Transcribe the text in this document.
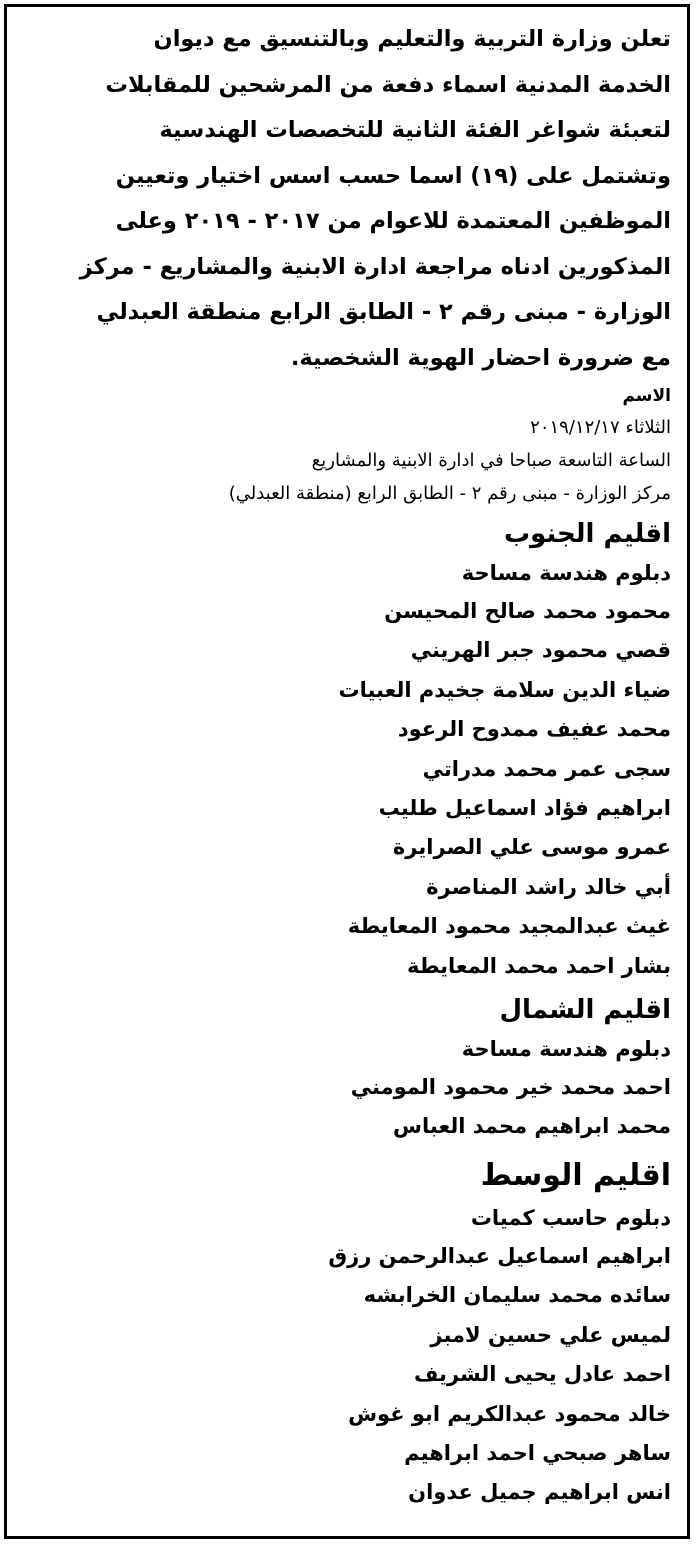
تعلن وزارة التربية والتعليم وبالتنسيق مع ديوان

الخدمة المدنية اسماء دفعة من المرشحين للمقابلات

لتعبئة شواغر الفئة الثانية للتخصصات الهندسية

وتشتمل على (١٩) اسما حسب اسس اختيار وتعيين

الموظفين المعتمدة للاعوام من ٢٠١٧ - ٢٠١٩ وعلى

المذكورين ادناه مراجعة ادارة الابنية والمشاريع - مركز

الوزارة - مبنى رقم ٢ - الطابق الرابع منطقة العبدلي

مع ضرورة احضار الهوية الشخصية.

الاسم
الثلاثاء ٢٠١٩/١٢/١٧
الساعة التاسعة صباحا في ادارة الابنية والمشاريع
مركز الوزارة - مبنى رقم ٢ - الطابق الرابع (منطقة العبدلي)
اقليم الجنوب
دبلوم هندسة مساحة
محمود محمد صالح المحيسن
قصي محمود جبر الهريني
ضياء الدين سلامة جخيدم العبيات
محمد عفيف ممدوح الرعود
سجى عمر محمد مدراتي
ابراهيم فؤاد اسماعيل طليب
عمرو موسى علي الصرايرة
أبي خالد راشد المناصرة
غيث عبدالمجيد محمود المعايطة
بشار احمد محمد المعايطة
اقليم الشمال
دبلوم هندسة مساحة
احمد محمد خير محمود المومني
محمد ابراهيم محمد العباس
اقليم الوسط
دبلوم حاسب كميات
ابراهيم اسماعيل عبدالرحمن رزق
سائده محمد سليمان الخرابشه
لميس علي حسين لامبز
احمد عادل يحيى الشريف
خالد محمود عبدالكريم ابو غوش
ساهر صبحي احمد ابراهيم
انس ابراهيم جميل عدوان
